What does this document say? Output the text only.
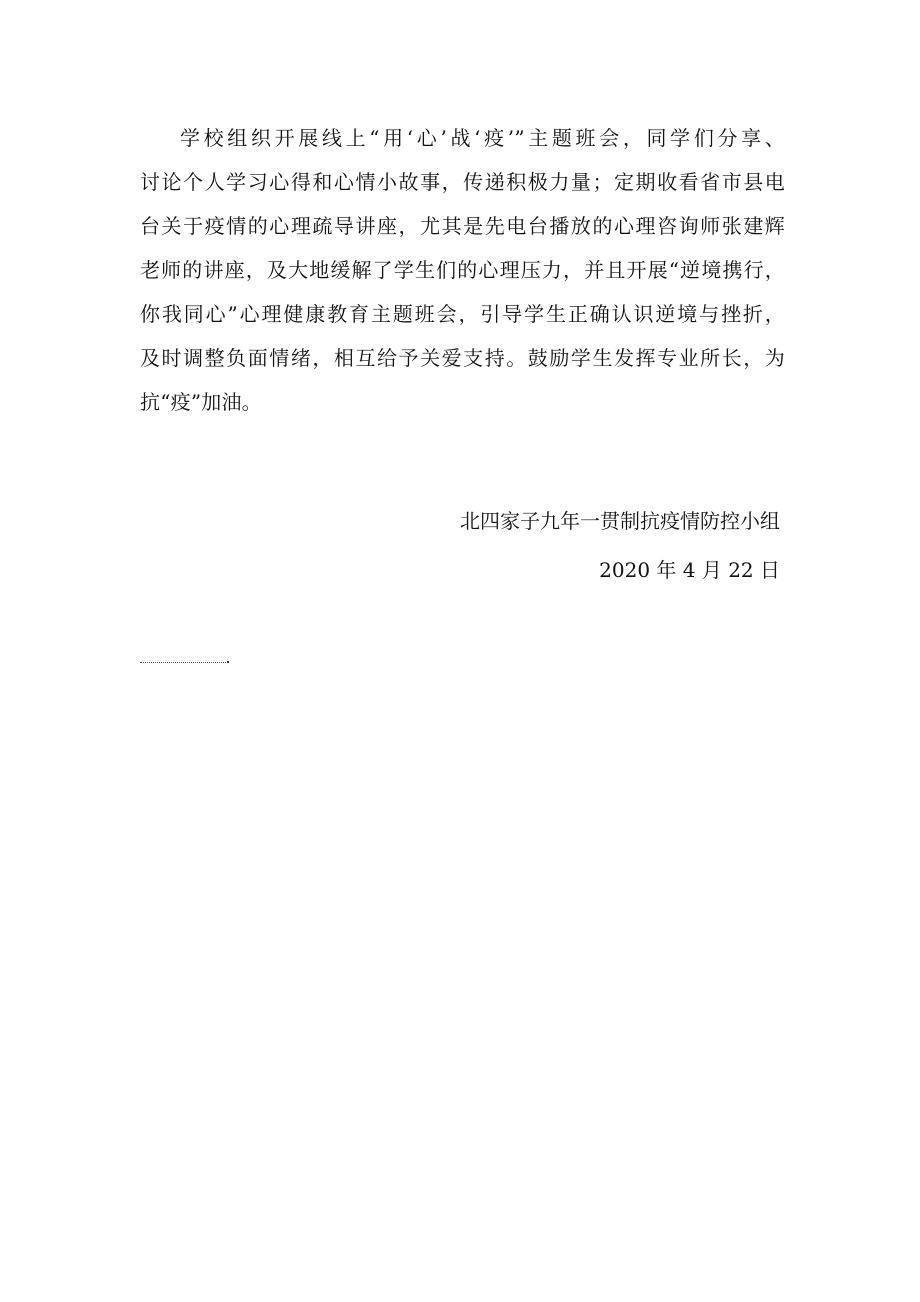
学校组织开展线上“用‘心’战‘疫’”主题班会，同学们分享、
讨论个人学习心得和心情小故事，传递积极力量；定期收看省市县电
台关于疫情的心理疏导讲座，尤其是先电台播放的心理咨询师张建辉
老师的讲座，及大地缓解了学生们的心理压力，并且开展“逆境携行，
你我同心”心理健康教育主题班会，引导学生正确认识逆境与挫折，
及时调整负面情绪，相互给予关爱支持。鼓励学生发挥专业所长，为
抗“疫”加油。
北四家子九年一贯制抗疫情防控小组
2020 年 4 月 22 日
